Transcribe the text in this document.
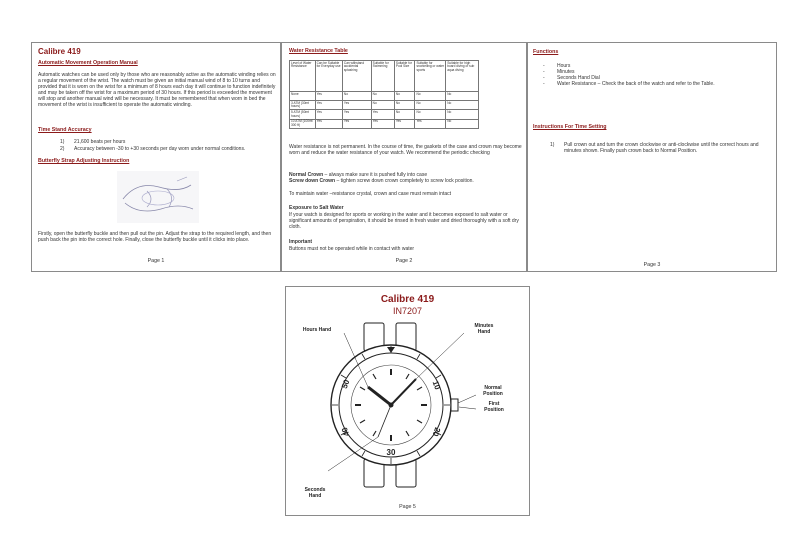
Calibre 419
Automatic Movement Operation Manual
Automatic watches can be used only by those who are reasonably active as the automatic winding relies on a regular movement of the wrist. The watch must be given an initial manual wind of 8 to 10 turns and provided that it is worn on the wrist for a minimum of 8 hours each day it will continue to function indefinitely and may be taken off the wrist for a maximum period of 30 hours. If this period is exceeded the movement will stop and another manual wind will be necessary. It must be remembered that when worn in bed the movement of the wrist is insufficient to operate the automatic winding.
Time Stand Accuracy
1) 21,600 beats per hours
2) Accuracy between -30 to +30 seconds per day worn under normal conditions.
Butterfly Strap Adjusting Instruction
Firstly, open the butterfly buckle and then pull out the pin. Adjust the strap to the required length, and then push back the pin into the correct hole. Finally, close the butterfly buckle until it clicks into place.
Page 1
Water Resistance Table
Level of Water Resistance	Can be Suitable for Everyday use	Can withstand accidental splashing	Suitable for Swimming	Suitable for Pool Size	Suitable for snorkelling or water sports	Suitable for high board diving or sub aqua diving
None	Yes	No	No	No	No	No
3 ATM (30mt hours)	Yes	Yes	No	No	No	No
5 ATM (50mt hours)	Yes	Yes	Yes	No	No	No
10 ATM (100mt 300 ft)	Yes	Yes	Yes	Yes	Yes	No
Water resistance is not permanent. In the course of time, the gaskets of the case and crown may become worn and reduce the water resistance of your watch. We recommend the periodic checking
Normal Crown – always make sure it is pushed fully into case
Screw down Crown – tighten screw down crown completely to screw lock position.
To maintain water –resistance crystal, crown and case must remain intact
Exposure to Salt Water
If your watch is designed for sports or working in the water and it becomes exposed to salt water or significant amounts of perspiration, it should be rinsed in fresh water and dried thoroughly with a soft dry cloth.
Important
Buttons must not be operated while in contact with water
Page 2
Functions
- Hours
- Minutes
- Seconds Hand Dial
- Water Resistance – Check the back of the watch and refer to the Table.
Instructions For Time Setting
1) Pull crown out and turn the crown clockwise or anti-clockwise until the correct hours and minutes shown. Finally push crown back to Normal Position.
Page 3
Calibre 419
IN7207
30
10
20
40
50
Hours Hand
Minutes Hand
Normal Position
First Position
Seconds Hand
Page 5
